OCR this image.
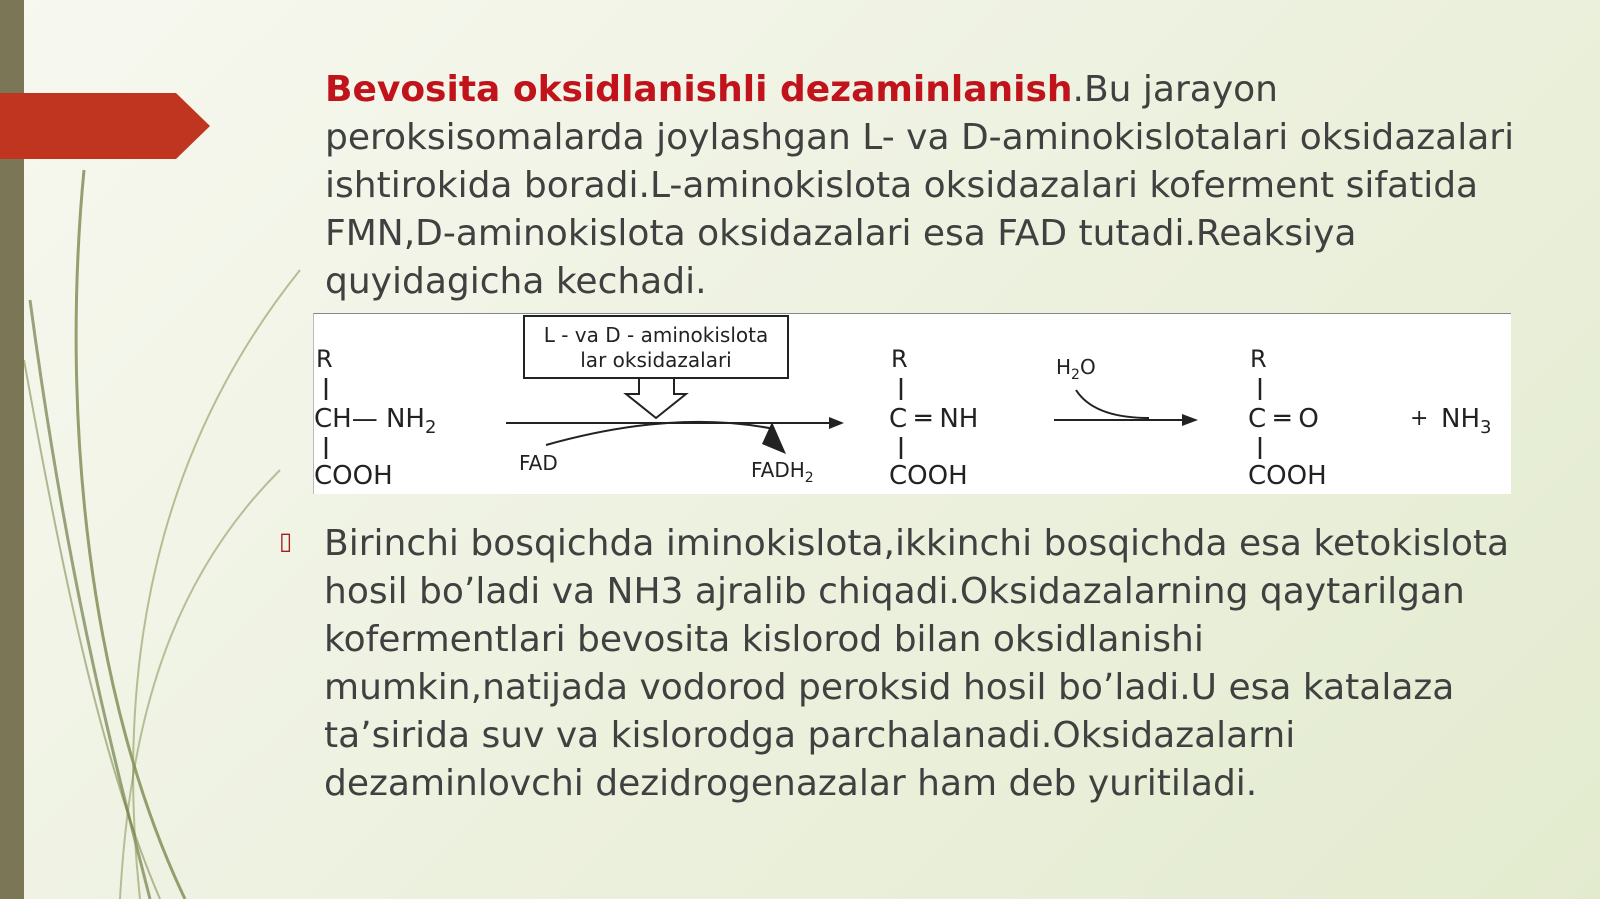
Bevosita oksidlanishli dezaminlanish.Bu jarayon peroksisomalarda joylashgan L- va D-aminokislotalari oksidazalari ishtirokida boradi.L-aminokislota oksidazalari koferment sifatida FMN,D-aminokislota oksidazalari esa FAD tutadi.Reaksiya quyidagicha kechadi.
R
CH— $NH_2$
COOH
L - va D - aminokislota
lar oksidazalari
FAD	$FADH_2$
R
C ═ NH
COOH
$H_2O$	R
C ═ O
COOH
+ $NH_3$
▯ Birinchi bosqichda iminokislota,ikkinchi bosqichda esa ketokislota hosil bo’ladi va NH3 ajralib chiqadi.Oksidazalarning qaytarilgan kofermentlari bevosita kislorod bilan oksidlanishi mumkin,natijada vodorod peroksid hosil bo’ladi.U esa katalaza ta’sirida suv va kislorodga parchalanadi.Oksidazalarni dezaminlovchi dezidrogenazalar ham deb yuritiladi.
